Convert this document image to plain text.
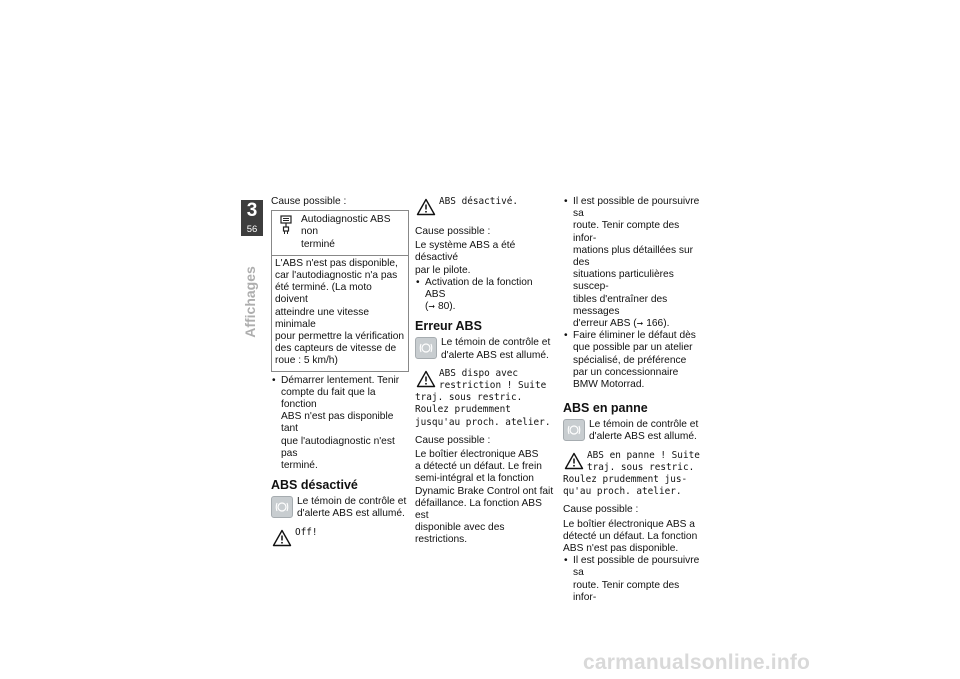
3
56
Affichages

Cause possible :

Autodiagnostic ABS non

terminé

L'ABS n'est pas disponible,

car l'autodiagnostic n'a pas

été terminé. (La moto doivent

atteindre une vitesse minimale

pour permettre la vérification

des capteurs de vitesse de

roue : 5 km/h)

• Démarrer lentement. Tenir

compte du fait que la fonction

ABS n'est pas disponible tant

que l'autodiagnostic n'est pas

terminé.

ABS désactivé

Le témoin de contrôle et

d'alerte ABS est allumé.

Off!

ABS désactivé.

Cause possible :

Le système ABS a été désactivé

par le pilote.

• Activation de la fonction ABS

(➞ 80).

Erreur ABS

Le témoin de contrôle et

d'alerte ABS est allumé.

ABS dispo avec

restriction ! Suite

traj. sous restric.

Roulez prudemment

jusqu'au proch. atelier.

Cause possible :

Le boîtier électronique ABS

a détecté un défaut. Le frein

semi-intégral et la fonction

Dynamic Brake Control ont fait

défaillance. La fonction ABS est

disponible avec des restrictions.

• Il est possible de poursuivre sa

route. Tenir compte des infor-

mations plus détaillées sur des

situations particulières suscep-

tibles d'entraîner des messages

d'erreur ABS (➞ 166).

• Faire éliminer le défaut dès

que possible par un atelier

spécialisé, de préférence

par un concessionnaire

BMW Motorrad.

ABS en panne

Le témoin de contrôle et

d'alerte ABS est allumé.

ABS en panne ! Suite

traj. sous restric.

Roulez prudemment jus-

qu'au proch. atelier.

Cause possible :

Le boîtier électronique ABS a

détecté un défaut. La fonction

ABS n'est pas disponible.

• Il est possible de poursuivre sa

route. Tenir compte des infor-

carmanualsonline.info
